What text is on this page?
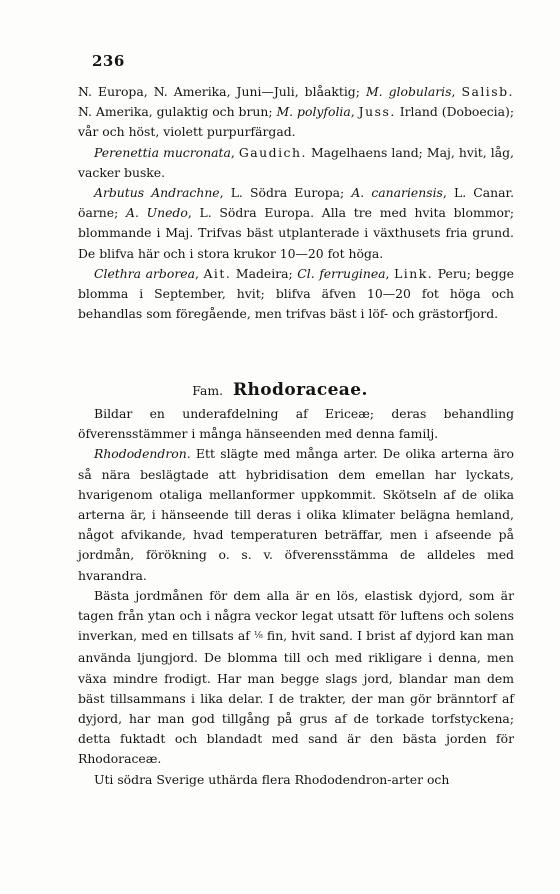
236

N. Europa, N. Amerika, Juni—Juli, blåaktig; M. globularis, Salisb. N. Amerika, gulaktig och brun; M. polyfolia, Juss. Irland (Doboecia); vår och höst, violett purpurfärgad.

Perenettia mucronata, Gaudich. Magelhaens land; Maj, hvit, låg, vacker buske.

Arbutus Andrachne, L. Södra Europa; A. canariensis, L. Canar. öarne; A. Unedo, L. Södra Europa. Alla tre med hvita blommor; blommande i Maj. Trifvas bäst utplanterade i växthusets fria grund. De blifva här och i stora krukor 10—20 fot höga.

Clethra arborea, Ait. Madeira; Cl. ferruginea, Link. Peru; begge blomma i September, hvit; blifva äfven 10—20 fot höga och behandlas som föregående, men trifvas bäst i löf- och grästorfjord.

Fam. Rhodoraceae.

Bildar en underafdelning af Ericeæ; deras behandling öfverensstämmer i många hänseenden med denna familj.

Rhododendron. Ett slägte med många arter. De olika arterna äro så nära beslägtade att hybridisation dem emellan har lyckats, hvarigenom otaliga mellanformer uppkommit. Skötseln af de olika arterna är, i hänseende till deras i olika klimater belägna hemland, något afvikande, hvad temperaturen beträffar, men i afseende på jordmån, förökning o. s. v. öfverensstämma de alldeles med hvarandra.

Bästa jordmånen för dem alla är en lös, elastisk dyjord, som är tagen från ytan och i några veckor legat utsatt för luftens och solens inverkan, med en tillsats af ⅛ fin, hvit sand. I brist af dyjord kan man använda ljungjord. De blomma till och med rikligare i denna, men växa mindre frodigt. Har man begge slags jord, blandar man dem bäst tillsammans i lika delar. I de trakter, der man gör bränntorf af dyjord, har man god tillgång på grus af de torkade torfstyckena; detta fuktadt och blandadt med sand är den bästa jorden för Rhodoraceæ.

Uti södra Sverige uthärda flera Rhododendron-arter och
